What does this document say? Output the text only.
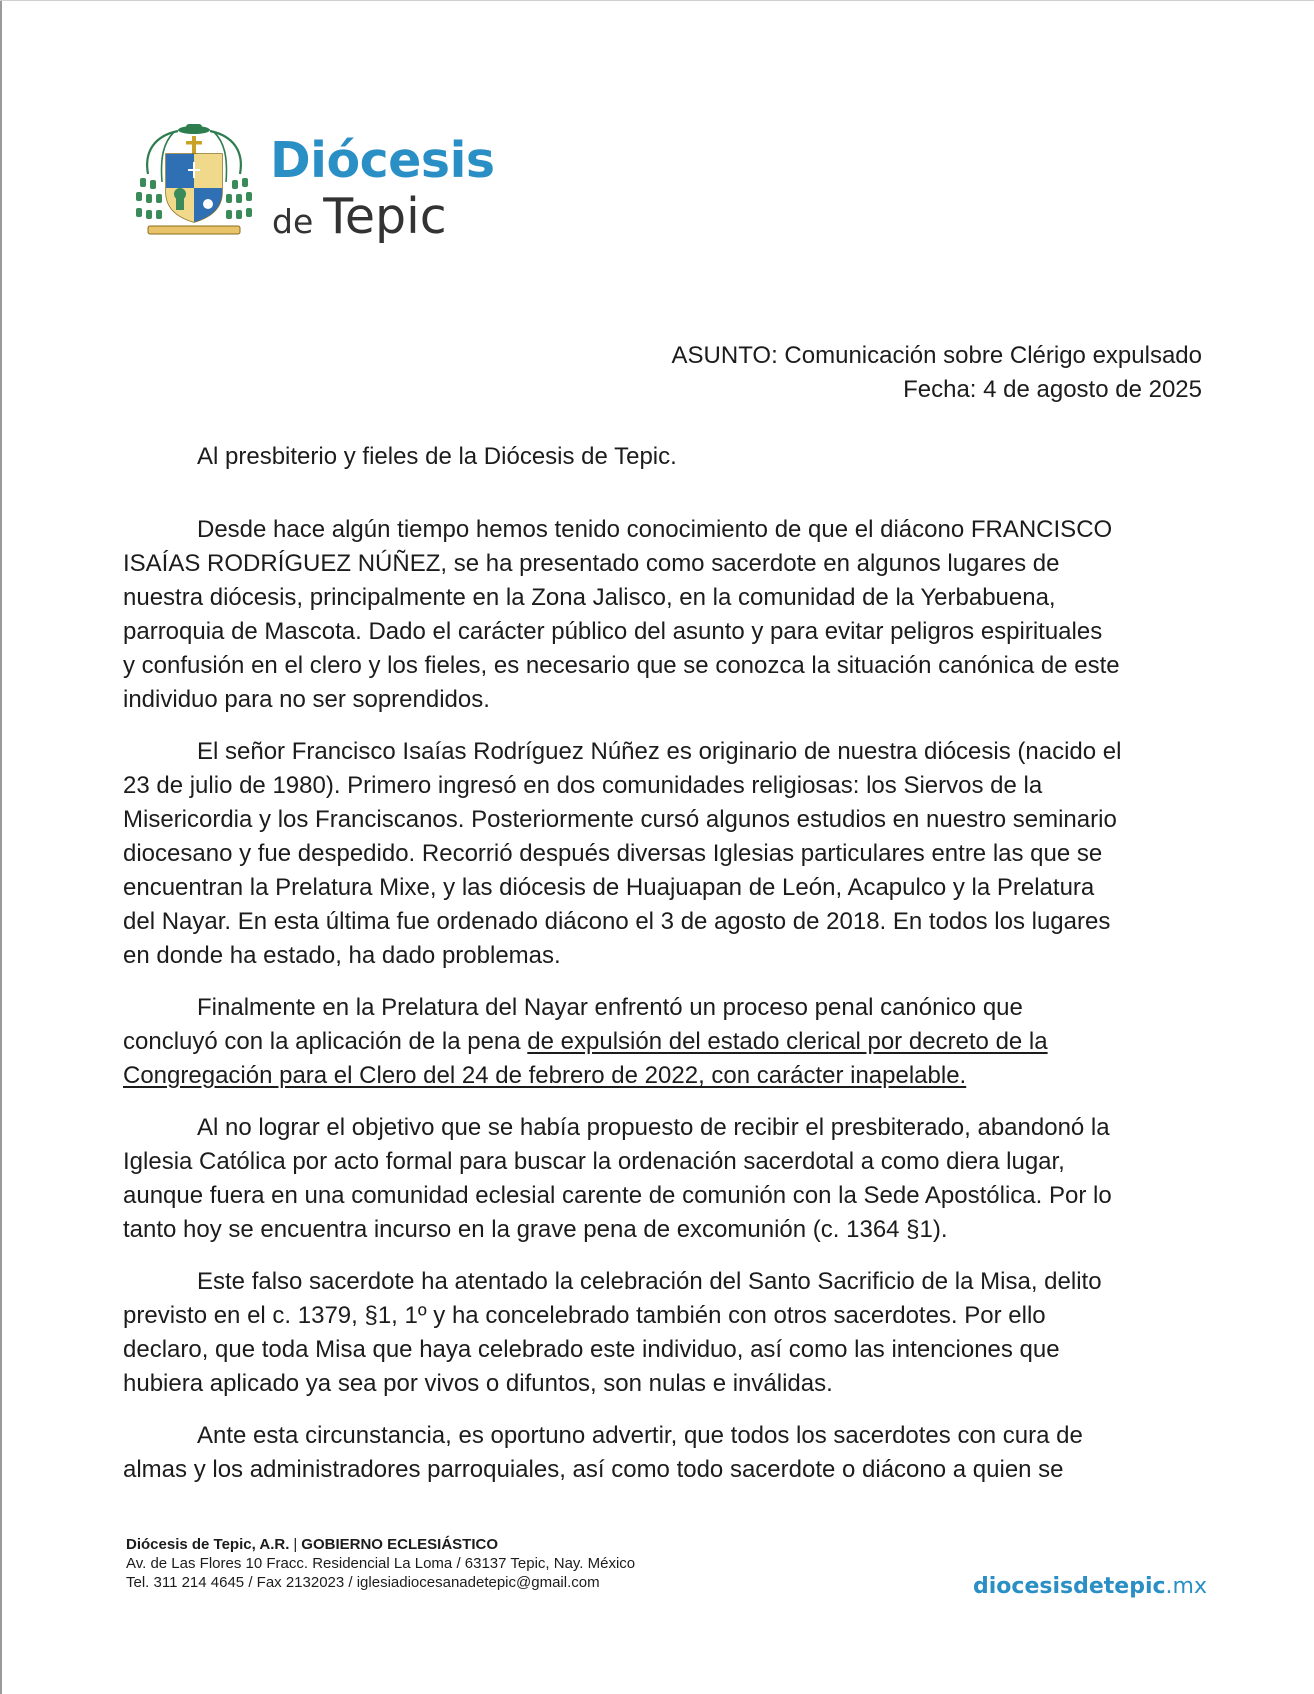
Diócesis
de Tepic
ASUNTO: Comunicación sobre Clérigo expulsado
Fecha: 4 de agosto de 2025
Al presbiterio y fieles de la Diócesis de Tepic.

Desde hace algún tiempo hemos tenido conocimiento de que el diácono FRANCISCO
ISAÍAS RODRÍGUEZ NÚÑEZ, se ha presentado como sacerdote en algunos lugares de
nuestra diócesis, principalmente en la Zona Jalisco, en la comunidad de la Yerbabuena,
parroquia de Mascota. Dado el carácter público del asunto y para evitar peligros espirituales
y confusión en el clero y los fieles, es necesario que se conozca la situación canónica de este
individuo para no ser soprendidos.

El señor Francisco Isaías Rodríguez Núñez es originario de nuestra diócesis (nacido el
23 de julio de 1980). Primero ingresó en dos comunidades religiosas: los Siervos de la
Misericordia y los Franciscanos. Posteriormente cursó algunos estudios en nuestro seminario
diocesano y fue despedido. Recorrió después diversas Iglesias particulares entre las que se
encuentran la Prelatura Mixe, y las diócesis de Huajuapan de León, Acapulco y la Prelatura
del Nayar. En esta última fue ordenado diácono el 3 de agosto de 2018. En todos los lugares
en donde ha estado, ha dado problemas.

Finalmente en la Prelatura del Nayar enfrentó un proceso penal canónico que
concluyó con la aplicación de la pena de expulsión del estado clerical por decreto de la
Congregación para el Clero del 24 de febrero de 2022, con carácter inapelable.

Al no lograr el objetivo que se había propuesto de recibir el presbiterado, abandonó la
Iglesia Católica por acto formal para buscar la ordenación sacerdotal a como diera lugar,
aunque fuera en una comunidad eclesial carente de comunión con la Sede Apostólica. Por lo
tanto hoy se encuentra incurso en la grave pena de excomunión (c. 1364 §1).

Este falso sacerdote ha atentado la celebración del Santo Sacrificio de la Misa, delito
previsto en el c. 1379, §1, 1º y ha concelebrado también con otros sacerdotes. Por ello
declaro, que toda Misa que haya celebrado este individuo, así como las intenciones que
hubiera aplicado ya sea por vivos o difuntos, son nulas e inválidas.

Ante esta circunstancia, es oportuno advertir, que todos los sacerdotes con cura de
almas y los administradores parroquiales, así como todo sacerdote o diácono a quien se

Diócesis de Tepic, A.R. | GOBIERNO ECLESIÁSTICO
Av. de Las Flores 10 Fracc. Residencial La Loma / 63137 Tepic, Nay. México
Tel. 311 214 4645 / Fax 2132023 / iglesiadiocesanadetepic@gmail.com	diocesisdetepic.mx
